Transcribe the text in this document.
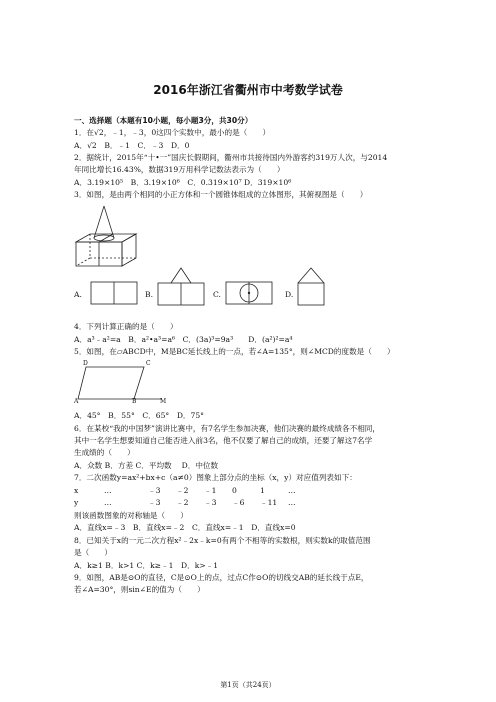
2016年浙江省衢州市中考数学试卷
一、选择题（本题有10小题，每小题3分，共30分）
1．在√2，﹣1，﹣3，0这四个实数中，最小的是（　　）
A．√2　B．﹣1　C．﹣3　D．0
2．据统计，2015年“十•一”国庆长假期间，衢州市共接待国内外游客约319万人次，与2014
年同比增长16.43%，数据319万用科学记数法表示为（　　）
A．3.19×10⁵　B．3.19×10⁶　C．0.319×10⁷ D．319×10⁶
3．如图，是由两个相同的小正方体和一个圆锥体组成的立体图形，其俯视图是（　　）
A.	B.	C.	D.
4．下列计算正确的是（　　）
A．a³﹣a²=a　B．a²•a³=a⁶　C．(3a)³=9a³　　D．(a²)²=a⁴
5．如图，在▱ABCD中，M是BC延长线上的一点，若∠A=135°，则∠MCD的度数是（　　）
D	C
A	B	M
A．45°　B．55°　C．65°　D．75°
6．在某校“我的中国梦”演讲比赛中，有7名学生参加决赛，他们决赛的最终成绩各不相同，
其中一名学生想要知道自己能否进入前3名，他不仅要了解自己的成绩，还要了解这7名学
生成绩的（　　）
A．众数 B．方差 C．平均数　 D．中位数
7．二次函数y=ax²+bx+c（a≠0）图象上部分点的坐标（x，y）对应值列表如下：
x	…	﹣3 ﹣2 ﹣1 0	1	…
y	…	﹣3 ﹣2 ﹣3 ﹣6 ﹣11 …
则该函数图象的对称轴是（　　）
A．直线x=﹣3　B．直线x=﹣2　C．直线x=﹣1　D．直线x=0
8．已知关于x的一元二次方程x²﹣2x﹣k=0有两个不相等的实数根，则实数k的取值范围
是（　　）
A．k≥1 B．k>1 C．k≥﹣1　D．k>﹣1
9．如图，AB是⊙O的直径，C是⊙O上的点，过点C作⊙O的切线交AB的延长线于点E，
若∠A=30°，则sin∠E的值为（　　）
第1页（共24页）
